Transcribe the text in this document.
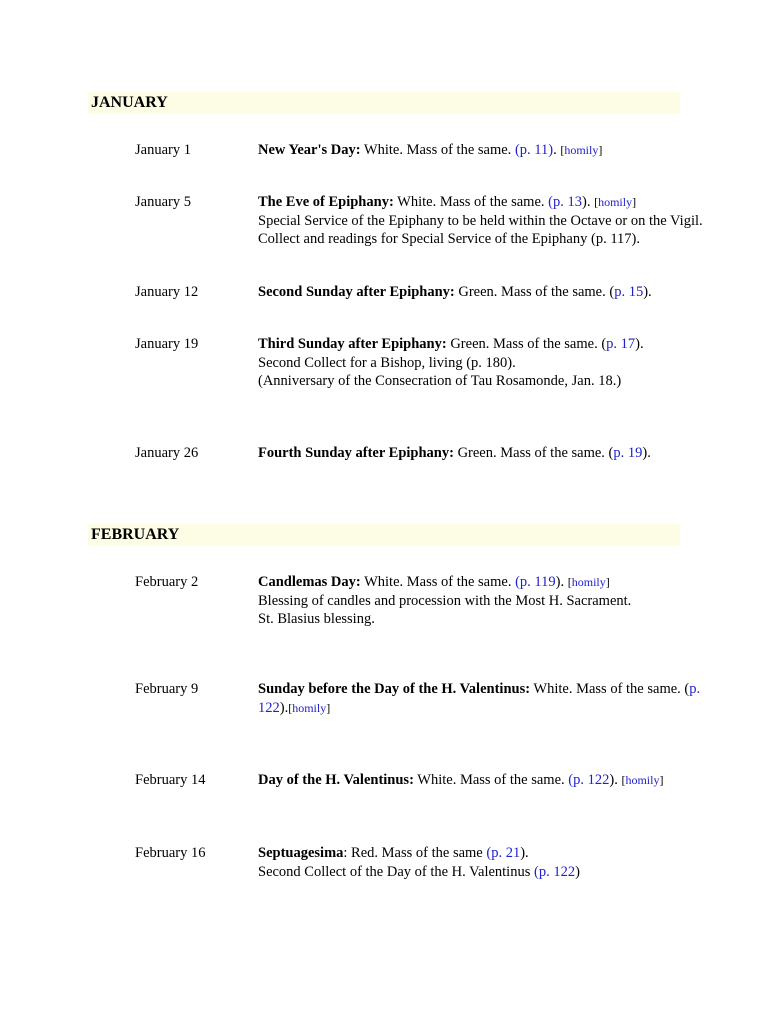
JANUARY
January 1	New Year's Day: White. Mass of the same. (p. 11). [homily]
January 5	The Eve of Epiphany: White. Mass of the same. (p. 13). [homily]
Special Service of the Epiphany to be held within the Octave or on the Vigil.
Collect and readings for Special Service of the Epiphany (p. 117).
January 12	Second Sunday after Epiphany: Green. Mass of the same. (p. 15).
January 19	Third Sunday after Epiphany: Green. Mass of the same. (p. 17).
Second Collect for a Bishop, living (p. 180).
(Anniversary of the Consecration of Tau Rosamonde, Jan. 18.)
January 26	Fourth Sunday after Epiphany: Green. Mass of the same. (p. 19).
FEBRUARY
February 2	Candlemas Day: White. Mass of the same. (p. 119). [homily]
Blessing of candles and procession with the Most H. Sacrament.
St. Blasius blessing.
February 9	Sunday before the Day of the H. Valentinus: White. Mass of the same. (p. 122).[homily]
February 14	Day of the H. Valentinus: White. Mass of the same. (p. 122). [homily]
February 16	Septuagesima: Red. Mass of the same (p. 21).
Second Collect of the Day of the H. Valentinus (p. 122)
